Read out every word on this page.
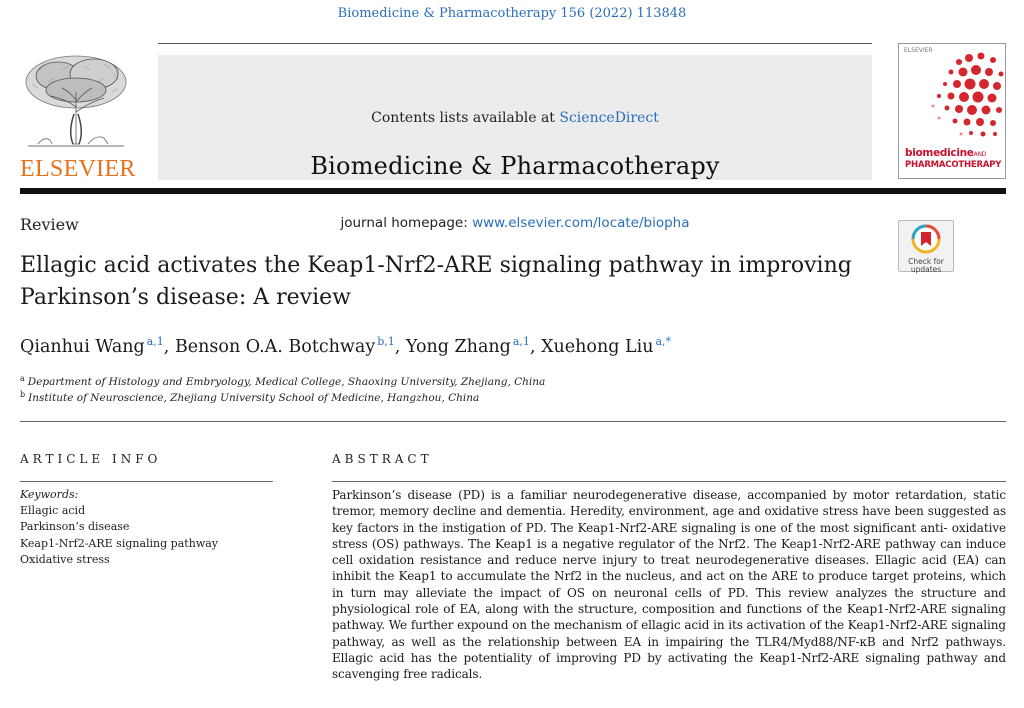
Biomedicine & Pharmacotherapy 156 (2022) 113848
ELSEVIER
Contents lists available at ScienceDirect
Biomedicine & Pharmacotherapy
journal homepage: www.elsevier.com/locate/biopha
ELSEVIER
biomedicineAND
PHARMACOTHERAPY
Review
Ellagic acid activates the Keap1-Nrf2-ARE signaling pathway in improving
Parkinson’s disease: A review
Check for
updates
Qianhui Wang $^{a,1}$, Benson O.A. Botchway $^{b,1}$, Yong Zhang $^{a,1}$, Xuehong Liu $^{a,*}$
$^a$ Department of Histology and Embryology, Medical College, Shaoxing University, Zhejiang, China
$^b$ Institute of Neuroscience, Zhejiang University School of Medicine, Hangzhou, China
ARTICLE INFO	ABSTRACT
Keywords:
Ellagic acid
Parkinson’s disease
Keap1-Nrf2-ARE signaling pathway
Oxidative stress
Parkinson’s disease (PD) is a familiar neurodegenerative disease, accompanied by motor retardation, static tremor, memory decline and dementia. Heredity, environment, age and oxidative stress have been suggested as key factors in the instigation of PD. The Keap1-Nrf2-ARE signaling is one of the most significant anti- oxidative stress (OS) pathways. The Keap1 is a negative regulator of the Nrf2. The Keap1-Nrf2-ARE pathway can induce cell oxidation resistance and reduce nerve injury to treat neurodegenerative diseases. Ellagic acid (EA) can inhibit the Keap1 to accumulate the Nrf2 in the nucleus, and act on the ARE to produce target proteins, which in turn may alleviate the impact of OS on neuronal cells of PD. This review analyzes the structure and physiological role of EA, along with the structure, composition and functions of the Keap1-Nrf2-ARE signaling pathway. We further expound on the mechanism of ellagic acid in its activation of the Keap1-Nrf2-ARE signaling pathway, as well as the relationship between EA in impairing the TLR4/Myd88/NF-κB and Nrf2 pathways. Ellagic acid has the potentiality of improving PD by activating the Keap1-Nrf2-ARE signaling pathway and scavenging free radicals.
